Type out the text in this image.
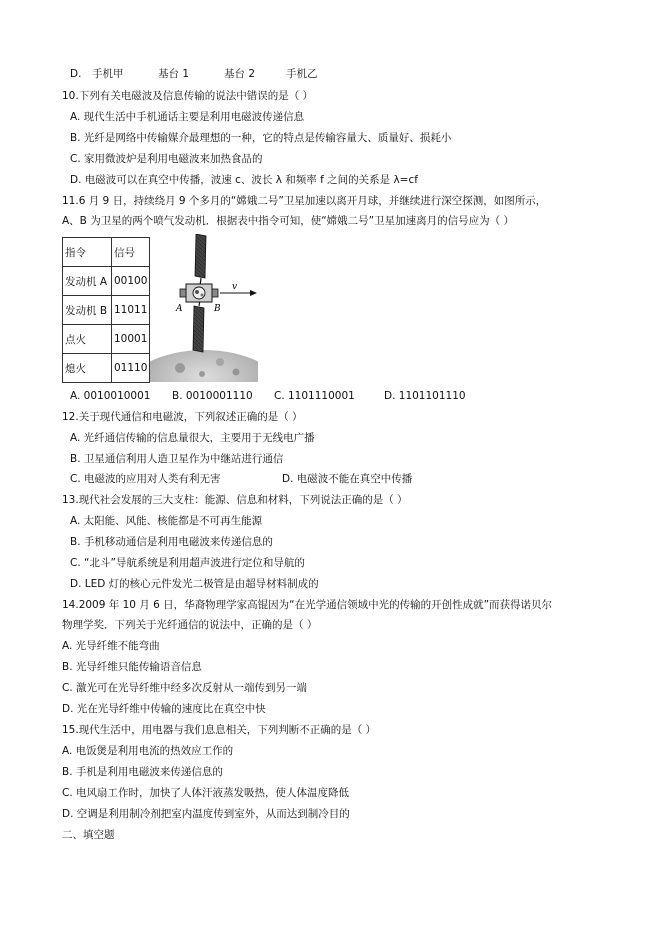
D. 手机甲	基台 1	基台 2	手机乙
10.下列有关电磁波及信息传输的说法中错误的是（ ）
A. 现代生活中手机通话主要是利用电磁波传递信息
B. 光纤是网络中传输媒介最理想的一种，它的特点是传输容量大、质量好、损耗小
C. 家用微波炉是利用电磁波来加热食品的
D. 电磁波可以在真空中传播，波速 c、波长 λ 和频率 f 之间的关系是 λ=cf
11.6 月 9 日，持续绕月 9 个多月的“嫦娥二号”卫星加速以离开月球，并继续进行深空探测，如图所示，
A、B 为卫星的两个喷气发动机．根据表中指令可知，使“嫦娥二号”卫星加速离月的信号应为（ ）
指令	信号
发动机 A	00100
发动机 B	11011
点火	10001
熄火	01110
A	B
v
A. 0010010001 B. 0010001110 C. 1101110001	D. 1101101110
12.关于现代通信和电磁波，下列叙述正确的是（ ）
A. 光纤通信传输的信息量很大，主要用于无线电广播
B. 卫星通信利用人造卫星作为中继站进行通信
C. 电磁波的应用对人类有利无害	D. 电磁波不能在真空中传播
13.现代社会发展的三大支柱：能源、信息和材料，下列说法正确的是（ ）
A. 太阳能、风能、核能都是不可再生能源
B. 手机移动通信是利用电磁波来传递信息的
C. “北斗”导航系统是利用超声波进行定位和导航的
D. LED 灯的核心元件发光二极管是由超导材料制成的
14.2009 年 10 月 6 日，华裔物理学家高锟因为“在光学通信领域中光的传输的开创性成就”而获得诺贝尔
物理学奖．下列关于光纤通信的说法中，正确的是（ ）
A. 光导纤维不能弯曲
B. 光导纤维只能传输语音信息
C. 激光可在光导纤维中经多次反射从一端传到另一端
D. 光在光导纤维中传输的速度比在真空中快
15.现代生活中，用电器与我们息息相关，下列判断不正确的是（ ）
A. 电饭煲是利用电流的热效应工作的
B. 手机是利用电磁波来传递信息的
C. 电风扇工作时，加快了人体汗液蒸发吸热，使人体温度降低
D. 空调是利用制冷剂把室内温度传到室外，从而达到制冷目的
二、填空题
